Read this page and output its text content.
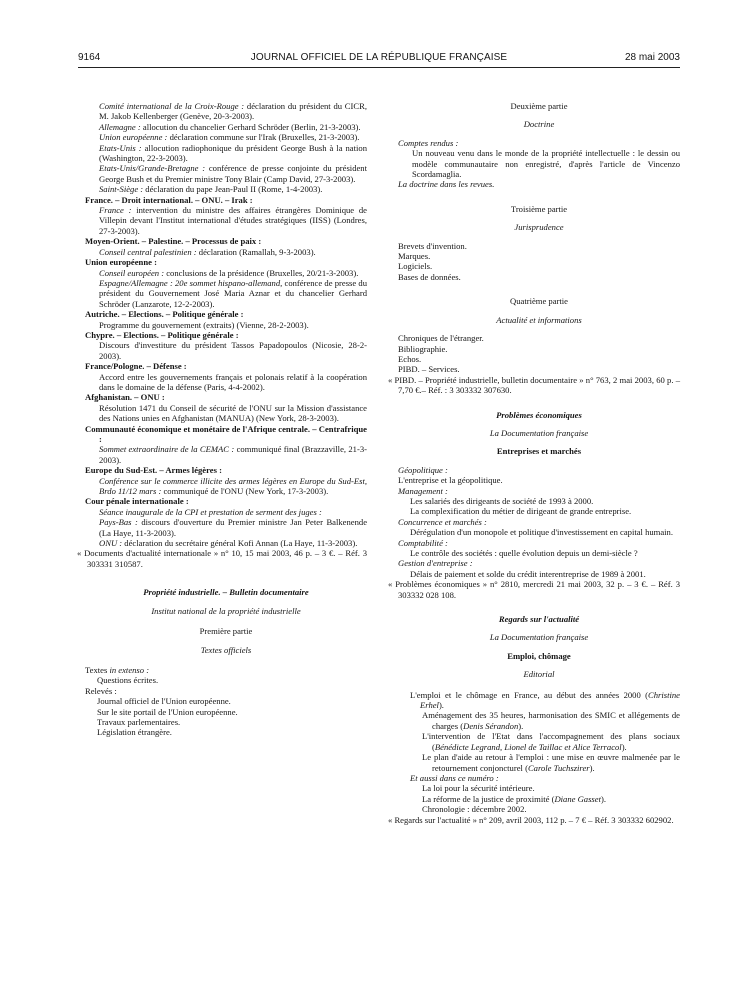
9164	JOURNAL OFFICIEL DE LA RÉPUBLIQUE FRANÇAISE	28 mai 2003

Comité international de la Croix-Rouge : déclaration du président du CICR, M. Jakob Kellenberger (Genève, 20-3-2003).

Allemagne : allocution du chancelier Gerhard Schröder (Berlin, 21-3-2003).

Union européenne : déclaration commune sur l'Irak (Bruxelles, 21-3-2003).

Etats-Unis : allocution radiophonique du président George Bush à la nation (Washington, 22-3-2003).

Etats-Unis/Grande-Bretagne : conférence de presse conjointe du président George Bush et du Premier ministre Tony Blair (Camp David, 27-3-2003).

Saint-Siège : déclaration du pape Jean-Paul II (Rome, 1-4-2003).

France. – Droit international. – ONU. – Irak :

France : intervention du ministre des affaires étrangères Dominique de Villepin devant l'Institut international d'études stratégiques (IISS) (Londres, 27-3-2003).

Moyen-Orient. – Palestine. – Processus de paix :

Conseil central palestinien : déclaration (Ramallah, 9-3-2003).

Union européenne :

Conseil européen : conclusions de la présidence (Bruxelles, 20/21-3-2003).

Espagne/Allemagne : 20e sommet hispano-allemand, conférence de presse du président du Gouvernement José Maria Aznar et du chancelier Gerhard Schröder (Lanzarote, 12-2-2003).

Autriche. – Elections. – Politique générale :

Programme du gouvernement (extraits) (Vienne, 28-2-2003).

Chypre. – Elections. – Politique générale :

Discours d'investiture du président Tassos Papadopoulos (Nicosie, 28-2-2003).

France/Pologne. – Défense :

Accord entre les gouvernements français et polonais relatif à la coopération dans le domaine de la défense (Paris, 4-4-2002).

Afghanistan. – ONU :

Résolution 1471 du Conseil de sécurité de l'ONU sur la Mission d'assistance des Nations unies en Afghanistan (MANUA) (New York, 28-3-2003).

Communauté économique et monétaire de l'Afrique centrale. – Centrafrique :

Sommet extraordinaire de la CEMAC : communiqué final (Brazzaville, 21-3-2003).

Europe du Sud-Est. – Armes légères :

Conférence sur le commerce illicite des armes légères en Europe du Sud-Est, Brdo 11/12 mars : communiqué de l'ONU (New York, 17-3-2003).

Cour pénale internationale :

Séance inaugurale de la CPI et prestation de serment des juges :

Pays-Bas : discours d'ouverture du Premier ministre Jan Peter Balkenende (La Haye, 11-3-2003).

ONU : déclaration du secrétaire général Kofi Annan (La Haye, 11-3-2003).

« Documents d'actualité internationale » n° 10, 15 mai 2003, 46 p. – 3 €. – Réf. 3 303331 310587.

Propriété industrielle. – Bulletin documentaire

Institut national de la propriété industrielle

Première partie

Textes officiels

Textes in extenso :

Questions écrites.

Relevés :

Journal officiel de l'Union européenne.

Sur le site portail de l'Union européenne.

Travaux parlementaires.

Législation étrangère.

Deuxième partie

Doctrine

Comptes rendus :

Un nouveau venu dans le monde de la propriété intellectuelle : le dessin ou modèle communautaire non enregistré, d'après l'article de Vincenzo Scordamaglia.

La doctrine dans les revues.

Troisième partie

Jurisprudence

Brevets d'invention.

Marques.

Logiciels.

Bases de données.

Quatrième partie

Actualité et informations

Chroniques de l'étranger.

Bibliographie.

Echos.

PIBD. – Services.

« PIBD. – Propriété industrielle, bulletin documentaire » n° 763, 2 mai 2003, 60 p. – 7,70 €.– Réf. : 3 303332 307630.

Problèmes économiques

La Documentation française

Entreprises et marchés

Géopolitique :

L'entreprise et la géopolitique.

Management :

Les salariés des dirigeants de société de 1993 à 2000.

La complexification du métier de dirigeant de grande entreprise.

Concurrence et marchés :

Dérégulation d'un monopole et politique d'investissement en capital humain.

Comptabilité :

Le contrôle des sociétés : quelle évolution depuis un demi-siècle ?

Gestion d'entreprise :

Délais de paiement et solde du crédit interentreprise de 1989 à 2001.

« Problèmes économiques » n° 2810, mercredi 21 mai 2003, 32 p. – 3 €. – Réf. 3 303332 028 108.

Regards sur l'actualité

La Documentation française

Emploi, chômage

Editorial

L'emploi et le chômage en France, au début des années 2000 (Christine Erhel).

Aménagement des 35 heures, harmonisation des SMIC et allégements de charges (Denis Sérandon).

L'intervention de l'Etat dans l'accompagnement des plans sociaux (Bénédicte Legrand, Lionel de Taillac et Alice Terracol).

Le plan d'aide au retour à l'emploi : une mise en œuvre malmenée par le retournement conjoncturel (Carole Tuchszirer).

Et aussi dans ce numéro :

La loi pour la sécurité intérieure.

La réforme de la justice de proximité (Diane Gasset).

Chronologie : décembre 2002.

« Regards sur l'actualité » n° 209, avril 2003, 112 p. – 7 € – Réf. 3 303332 602902.
